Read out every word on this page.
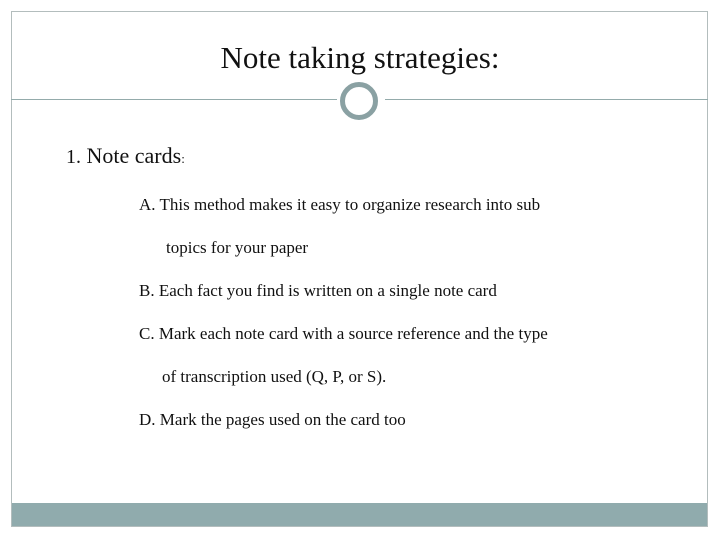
Note taking strategies:
1. Note cards:
A. This method makes it easy to organize research into sub
topics for your paper
B. Each fact you find is written on a single note card
C. Mark each note card with a source reference and the type
of transcription used (Q, P, or S).
D. Mark the pages used on the card too
